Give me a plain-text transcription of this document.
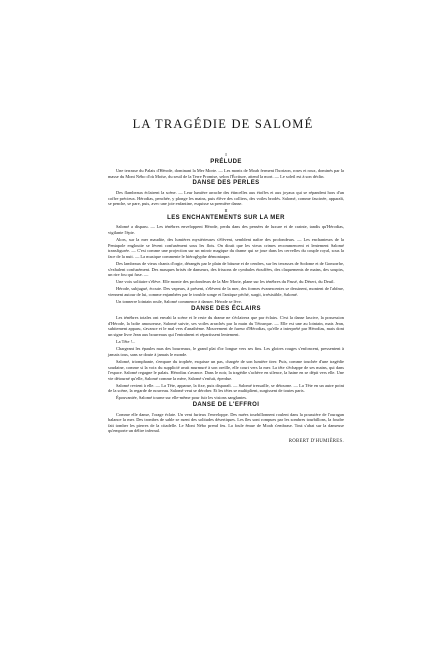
LA TRAGÉDIE DE SALOMÉ
I
PRÉLUDE
Une terrasse du Palais d'Hérode, dominant la Mer Morte. — Les monts de Moab ferment l'horizon, roses et roux, dominés par la masse du Mont Nébo d'où Moïse, du seuil de la Terre Promise, selon l'Écriture, attend la mort. — Le soleil est à son déclin.
DANSE DES PERLES
Des flambeaux éclairent la scène. — Leur lumière arrache des étincelles aux étoffes et aux joyaux qui se répandent hors d'un coffre précieux. Hérodias, penchée, y plonge les mains, puis élève des colliers, des voiles brodés. Salomé, comme fascinée, apparaît, se penche, se pare, puis, avec une joie enfantine, esquisse sa première danse.
II
LES ENCHANTEMENTS SUR LA MER
Salomé a disparu. — Les ténèbres enveloppent Hérode, perdu dans des pensées de luxure et de crainte, tandis qu'Hérodias, vigilante l'épie.
Alors, sur la mer maudite, des lumières mystérieuses s'élèvent, semblent naître des profondeurs. — Les enchanteurs de la Pentapole engloutie se lèvent confusément sous les flots. On dirait que les vieux crimes recommencent et lentement Salomé transfigurée. — C'est comme une projection sur un miroir magique du drame qui se joue dans les cervelles du couple royal, sous la face de la nuit. — La musique commente le hiéroglyphe démoniaque.
Des lambeaux de vieux chants d'orgie, dérangés par le plain de bitume et de cendres, sur les terrasses de Sodome et de Gomorrhe, s'exhalent confusément. Des masques brisés de danseurs, des frissons de cymbales étouffées, des claquements de mains, des soupirs, un rire fou qui fuse. —
Une voix solitaire s'élève. Elle monte des profondeurs de la Mer Morte, plane sur les ténèbres du Passé, du Désert, du Deuil.
Hérode, subjugué, écoute. Des vapeurs, à présent, s'élèvent de la mer, des formes évanescentes se dessinent, montent de l'abîme, viennent autour de lui, comme enjambées par le trouble songe et l'antique péché, surgit, irrésistible, Salomé.
Un tonnerre lointain roule, Salomé commence à danser. Hérode se lève.
DANSE DES ÉCLAIRS
Les ténèbres totales ont envahi la scène et le reste du drame ne s'éclairera que par éclairs. C'est la danse lascive, la possession d'Hérode, la boîte amoureuse, Salomé suivie, ses voiles arrachés par la main du Tétrarque. — Elle est une au lointain, mais Jean, subitement apparu, s'avance et le mal vers d'anathème. Mouvement de fureur d'Hérodias, qu'elle a interprété par Hérodias, mais dont un signe livre Jean aux bourreaux qui l'entraînent et répartissent lentement.
La Tête !...
Chargeant les épaules mas des bourreaux, le grand plat d'or longue vers ses fins. Les gloires rouges s'enfoncent, pressentent à jamais tous, sans se doute à jamais le monde.
Salomé, triomphante, s'empare du trophée, esquisse un pas, chargée de son lumière tirer. Puis, comme touchée d'une tragédie soudaine, comme si la voix du supplicié avait murmuré à son oreille, elle court vers la mer. La tête s'échappe de ses mains, qui dans l'espace. Salomé regagne le palais. Hérodias s'avance. Dans le noir, la tragédie s'achève en silence, la haine en se dépit vers elle. Une vie détourné qu'elle, Salomé comme la mère, Salomé s'enfuit, éperdue.
Salomé revient à elle. — La Tête, apparue, la fixe, puis disparaît. — Salomé tressaille, se détourne. — La Tête en un autre point de la scène, la regarde de nouveau. Salomé veut se dérober. Et les têtes se multiplient, surgissent de toutes parts.
Épouvantée, Salomé tourne sur elle-même pour fuir les visions sanglantes.
DANSE DE L'EFFROI
Comme elle danse, l'orage éclate. Un vent furieux l'enveloppe. Des nuées tourbillonnent roulent dans la poussière de l'ouragan balance la mer. Des trombes de sable se ruent des solitudes désertiques. Les îles sont rompues par les sombres tourbillons, la foudre fait tomber les pierres de la citadelle. Le Mont Nébo prend feu. La foule émue de Moab s'embrase. Tout s'abat sur la danseuse qu'emporte un délire infernal.
ROBERT D'HUMIÈRES.
